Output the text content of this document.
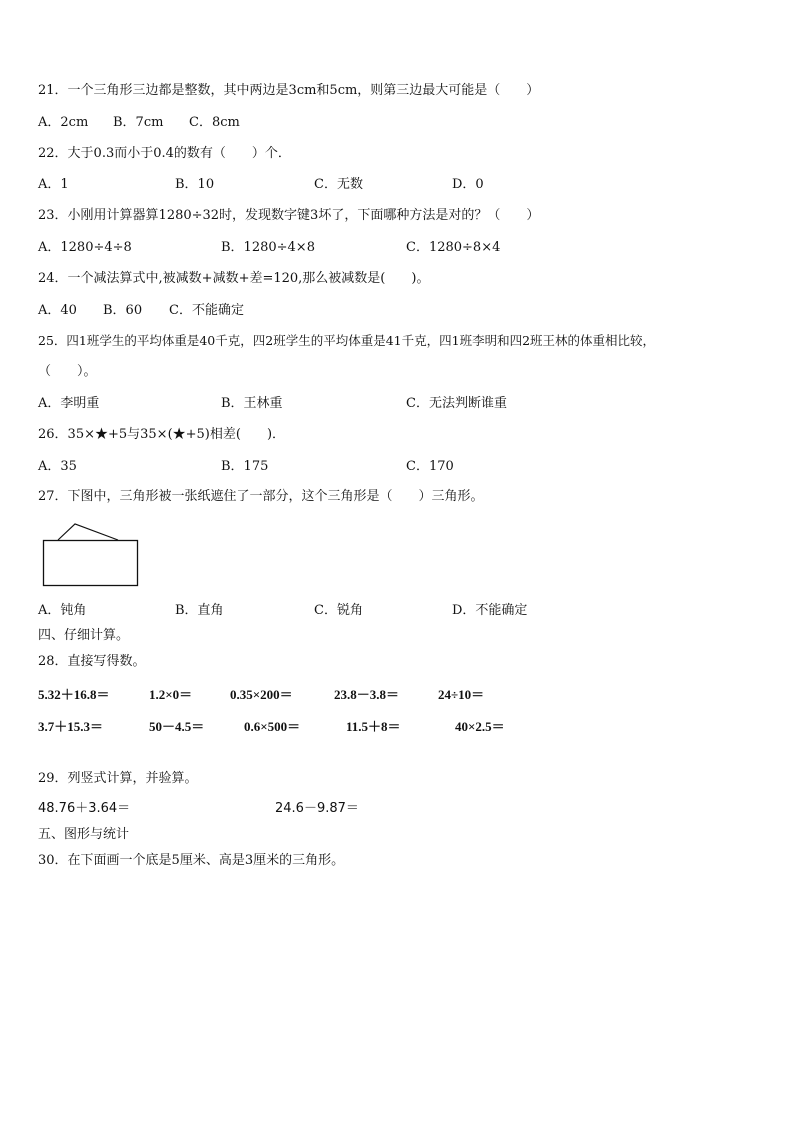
21．一个三角形三边都是整数，其中两边是3cm和5cm，则第三边最大可能是（　　）
A．2cm B．7cm C．8cm
22．大于0.3而小于0.4的数有（　　）个．
A．1	B．10	C．无数	D．0
23．小刚用计算器算1280÷32时，发现数字键3坏了，下面哪种方法是对的？（　　）
A．1280÷4÷8	B．1280÷4×8	C．1280÷8×4
24．一个减法算式中,被减数+减数+差=120,那么被减数是(　　)。
A．40 B．60 C．不能确定
25．四1班学生的平均体重是40千克，四2班学生的平均体重是41千克，四1班李明和四2班王林的体重相比较，
（　　）。
A．李明重	B．王林重	C．无法判断谁重
26．35×★+5与35×(★+5)相差(　　)．
A．35	B．175	C．170
27．下图中，三角形被一张纸遮住了一部分，这个三角形是（　　）三角形。
A．钝角	B．直角	C．锐角	D．不能确定
四、仔细计算。
28．直接写得数。
5.32＋16.8＝	1.2×0＝	0.35×200＝	23.8－3.8＝	24÷10＝
3.7＋15.3＝	50－4.5＝	0.6×500＝	11.5＋8＝	40×2.5＝
29．列竖式计算，并验算。
48.76＋3.64＝	24.6－9.87＝
五、图形与统计
30．在下面画一个底是5厘米、高是3厘米的三角形。
